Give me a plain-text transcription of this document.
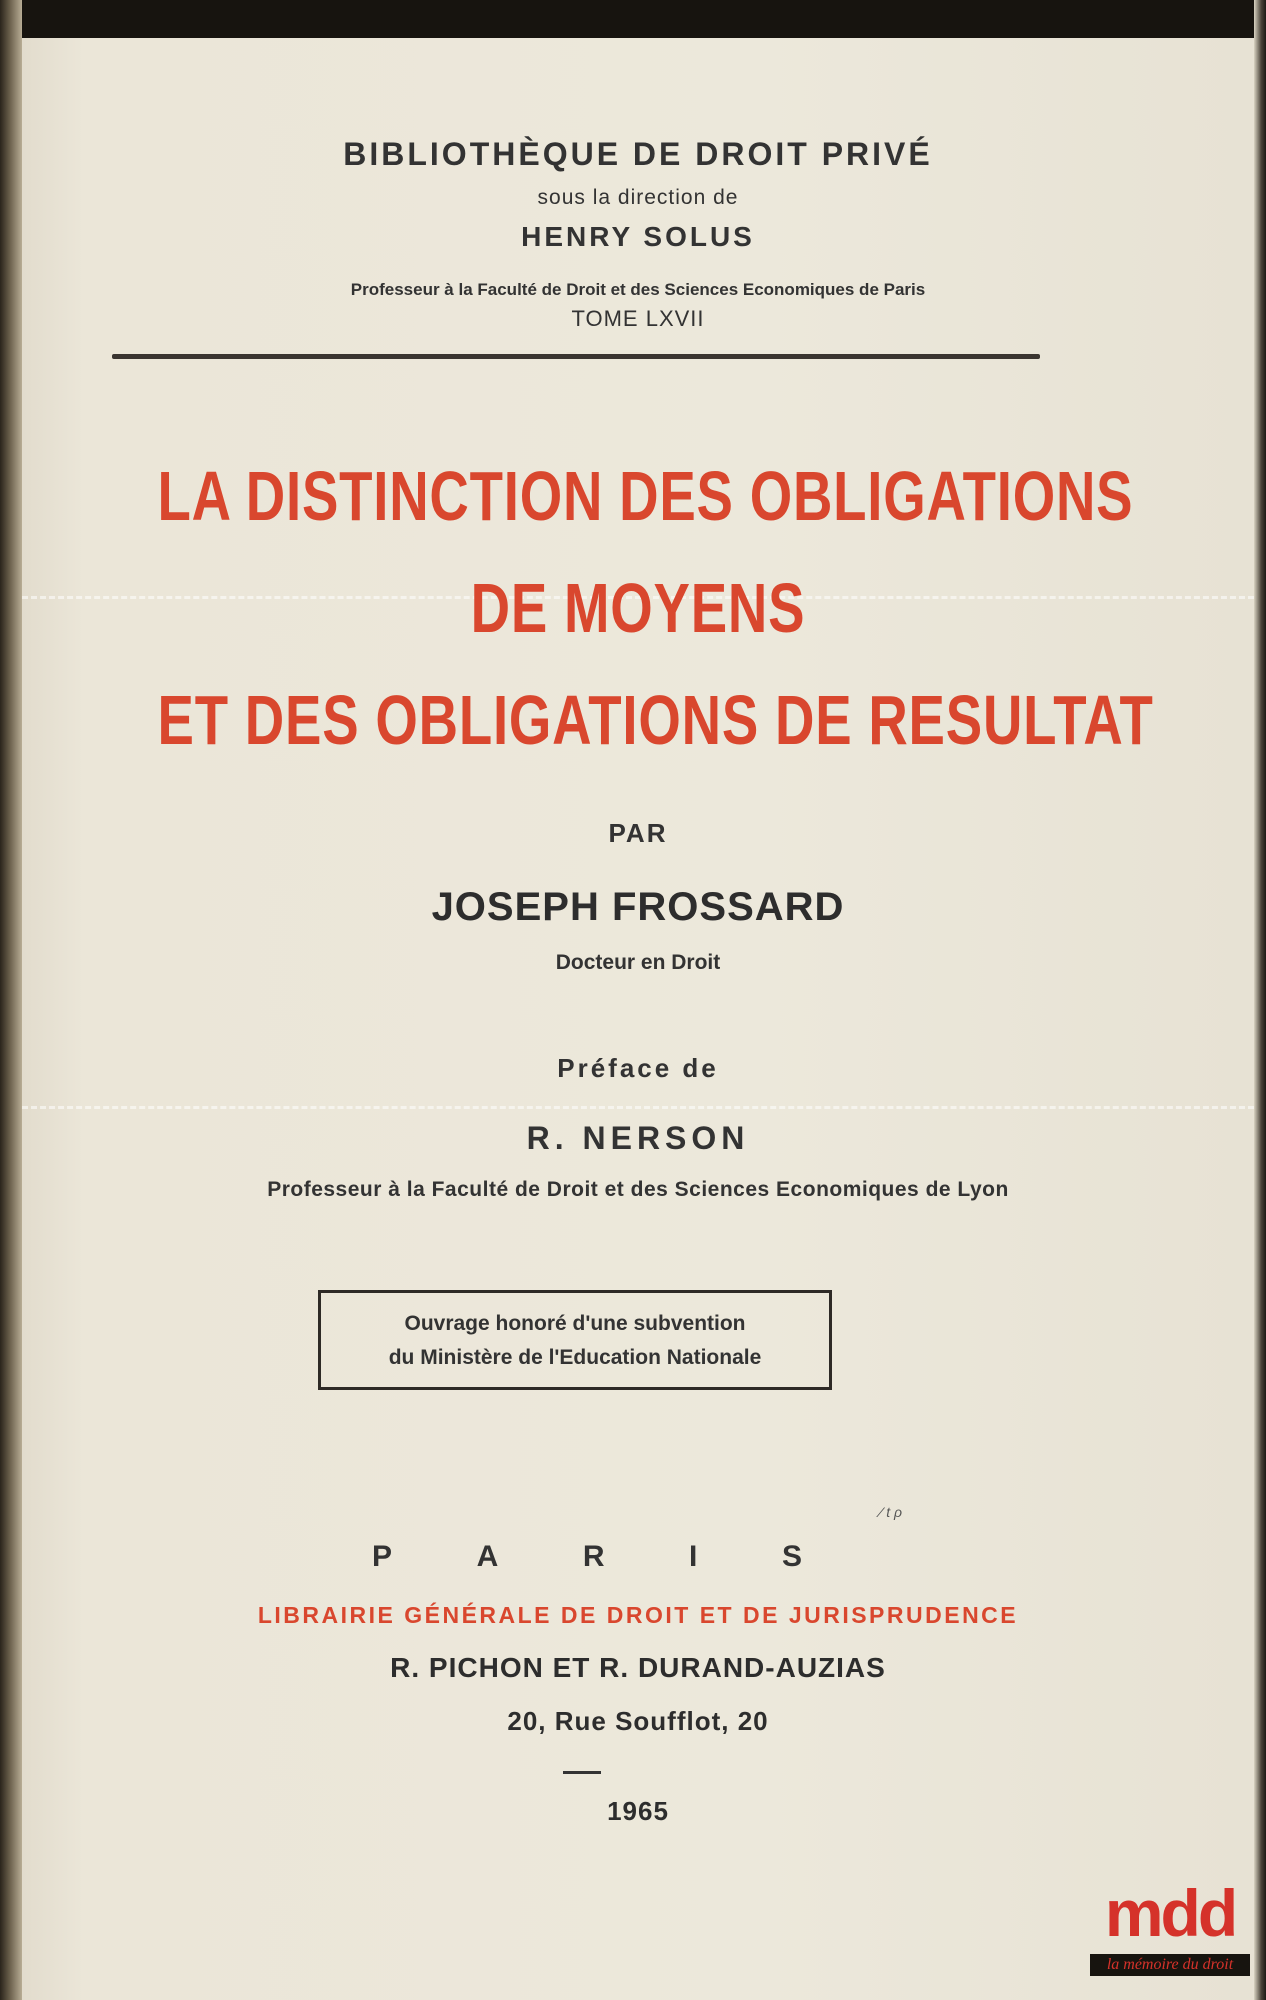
BIBLIOTHÈQUE DE DROIT PRIVÉ
sous la direction de
HENRY SOLUS
Professeur à la Faculté de Droit et des Sciences Economiques de Paris
TOME LXVII
LA DISTINCTION DES OBLIGATIONS
DE MOYENS
ET DES OBLIGATIONS DE RESULTAT
PAR
JOSEPH FROSSARD
Docteur en Droit
Préface de
R. NERSON
Professeur à la Faculté de Droit et des Sciences Economiques de Lyon
Ouvrage honoré d'une subvention
du Ministère de l'Education Nationale
⁄ t ρ
P	A	R	I	S
LIBRAIRIE GÉNÉRALE DE DROIT ET DE JURISPRUDENCE
R. PICHON ET R. DURAND-AUZIAS
20, Rue Soufflot, 20
1965
mdd
la mémoire du droit
